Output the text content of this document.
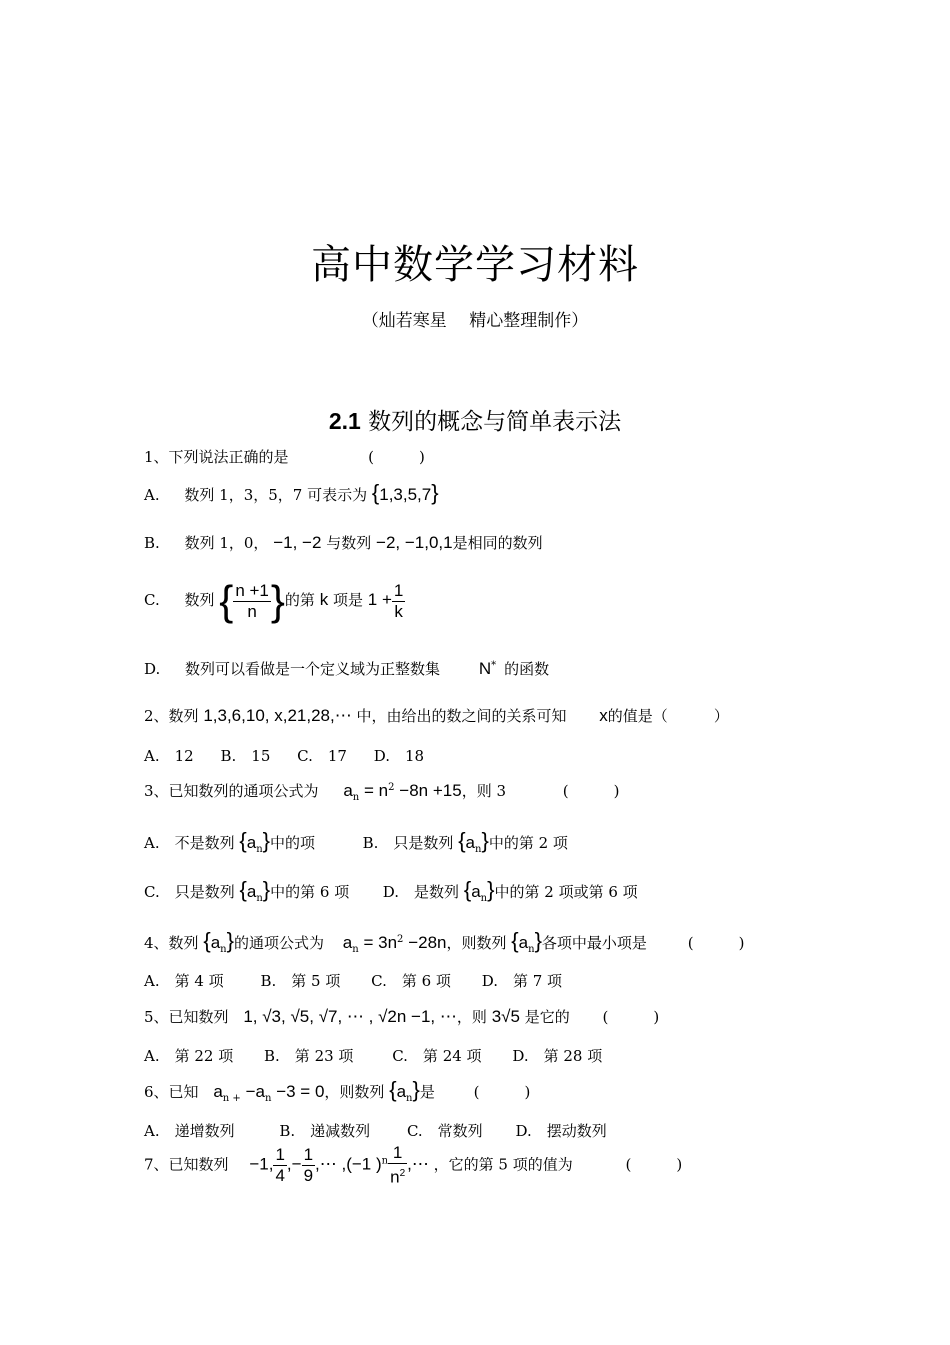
高中数学学习材料
（灿若寒星　 精心整理制作）
2.1 数列的概念与简单表示法
1、下列说法正确的是	(　　　)
A. 数列 1，3，5，7 可表示为 {1,3,5,7}
B. 数列 1，0， −1, −2 与数列 −2, −1,0,1是相同的数列
C. 数列 { $\frac{n +1}{n}$ }的第 k 项是 $1 + \frac{1}{k}$
D. 数列可以看做是一个定义域为正整数集 N* 的函数
2、数列 1,3,6,10, x,21,28,⋯ 中，由给出的数之间的关系可知 x的值是（	）
A.　12 B.　15 C.　17 D.　18
3、已知数列的通项公式为 $a_n = n^2 -8n +15$，则 3	(　　　)
A.　不是数列 $\{a_n\}$中的项	B.　只是数列 $\{a_n\}$中的第 2 项
C.　只是数列 $\{a_n\}$中的第 6 项 D.　是数列 $\{a_n\}$中的第 2 项或第 6 项
4、数列 $\{a_n\}$的通项公式为 $a_n = 3n^2 -28n$，则数列 $\{a_n\}$各项中最小项是	(　　　)
A.　第 4 项 B.　第 5 项 C.　第 6 项 D.　第 7 项
5、已知数列 1, √3, √5, √7, ⋯ , √2n −1, ⋯，则 3√5 是它的 (　　　)
A.　第 22 项 B.　第 23 项	C.　第 24 项 D.　第 28 项
6、已知 $a_{n +} -a_n -3 = 0$，则数列 $\{a_n\}$是	(　　　)
A.　递增数列	B.　递减数列 C.　常数列 D.　摆动数列
7、已知数列 −1, $\frac{1}{4}$ ,− $\frac{1}{9}$ ,⋯ ,(−1 )$^n \frac{1}{n^2}$ ,⋯ ，它的第 5 项的值为	(　　　)
